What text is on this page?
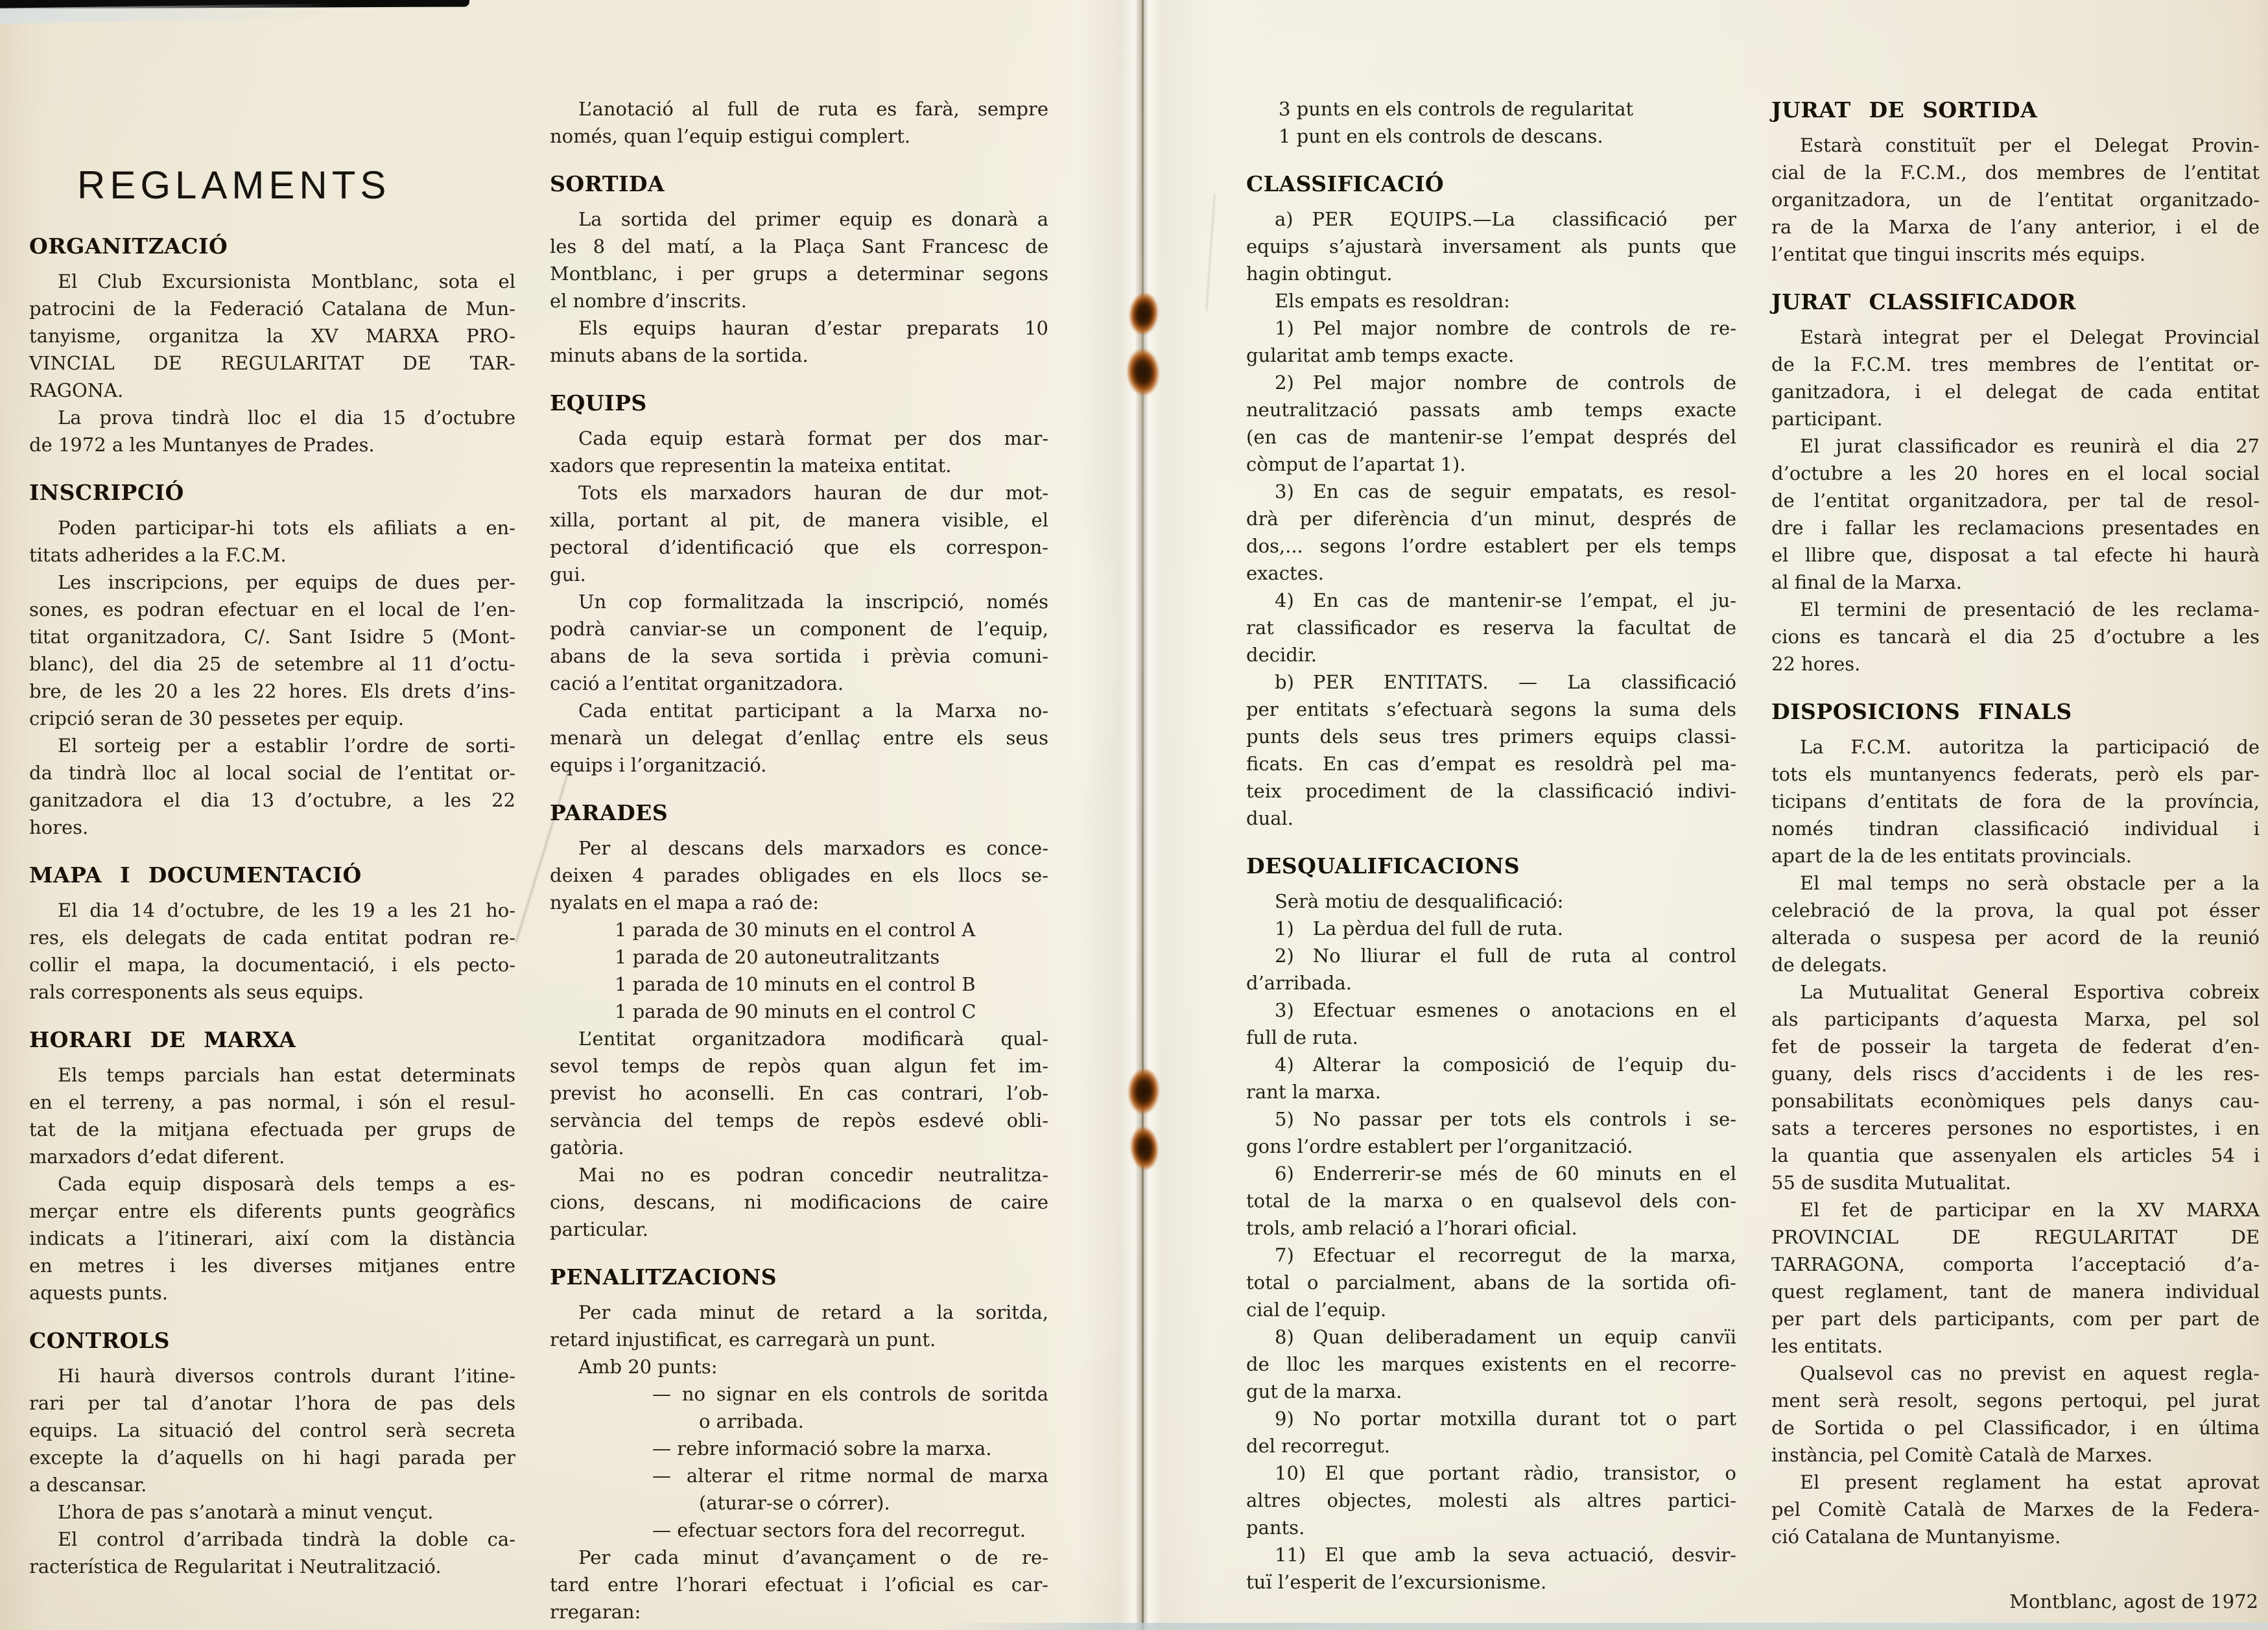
REGLAMENTS
ORGANITZACIÓ
El Club Excursionista Montblanc, sota el
patrocini de la Federació Catalana de Mun-
tanyisme, organitza la XV MARXA PRO-
VINCIAL DE REGULARITAT DE TAR-
RAGONA.
La prova tindrà lloc el dia 15 d’octubre
de 1972 a les Muntanyes de Prades.
INSCRIPCIÓ
Poden participar-hi tots els afiliats a en-
titats adherides a la F.C.M.
Les inscripcions, per equips de dues per-
sones, es podran efectuar en el local de l’en-
titat organitzadora, C/. Sant Isidre 5 (Mont-
blanc), del dia 25 de setembre al 11 d’octu-
bre, de les 20 a les 22 hores. Els drets d’ins-
cripció seran de 30 pessetes per equip.
El sorteig per a establir l’ordre de sorti-
da tindrà lloc al local social de l’entitat or-
ganitzadora el dia 13 d’octubre, a les 22
hores.
MAPA I DOCUMENTACIÓ
El dia 14 d’octubre, de les 19 a les 21 ho-
res, els delegats de cada entitat podran re-
collir el mapa, la documentació, i els pecto-
rals corresponents als seus equips.
HORARI DE MARXA
Els temps parcials han estat determinats
en el terreny, a pas normal, i són el resul-
tat de la mitjana efectuada per grups de
marxadors d’edat diferent.
Cada equip disposarà dels temps a es-
merçar entre els diferents punts geogràfics
indicats a l’itinerari, així com la distància
en metres i les diverses mitjanes entre
aquests punts.
CONTROLS
Hi haurà diversos controls durant l’itine-
rari per tal d’anotar l’hora de pas dels
equips. La situació del control serà secreta
excepte la d’aquells on hi hagi parada per
a descansar.
L’hora de pas s’anotarà a minut vençut.
El control d’arribada tindrà la doble ca-
racterística de Regularitat i Neutralització.
L’anotació al full de ruta es farà, sempre
només, quan l’equip estigui complert.
SORTIDA
La sortida del primer equip es donarà a
les 8 del matí, a la Plaça Sant Francesc de
Montblanc, i per grups a determinar segons
el nombre d’inscrits.
Els equips hauran d’estar preparats 10
minuts abans de la sortida.
EQUIPS
Cada equip estarà format per dos mar-
xadors que representin la mateixa entitat.
Tots els marxadors hauran de dur mot-
xilla, portant al pit, de manera visible, el
pectoral d’identificació que els correspon-
gui.
Un cop formalitzada la inscripció, només
podrà canviar-se un component de l’equip,
abans de la seva sortida i prèvia comuni-
cació a l’entitat organitzadora.
Cada entitat participant a la Marxa no-
menarà un delegat d’enllaç entre els seus
equips i l’organització.
PARADES
Per al descans dels marxadors es conce-
deixen 4 parades obligades en els llocs se-
nyalats en el mapa a raó de:
1 parada de 30 minuts en el control A
1 parada de 20 autoneutralitzants
1 parada de 10 minuts en el control B
1 parada de 90 minuts en el control C
L’entitat organitzadora modificarà qual-
sevol temps de repòs quan algun fet im-
previst ho aconselli. En cas contrari, l’ob-
servància del temps de repòs esdevé obli-
gatòria.
Mai no es podran concedir neutralitza-
cions, descans, ni modificacions de caire
particular.
PENALITZACIONS
Per cada minut de retard a la soritda,
retard injustificat, es carregarà un punt.
Amb 20 punts:
— no signar en els controls de soritda
o arribada.
— rebre informació sobre la marxa.
— alterar el ritme normal de marxa
(aturar-se o córrer).
— efectuar sectors fora del recorregut.
Per cada minut d’avançament o de re-
tard entre l’horari efectuat i l’oficial es car-
rregaran:
3 punts en els controls de regularitat
1 punt en els controls de descans.
CLASSIFICACIÓ
a)  PER EQUIPS.—La classificació per
equips s’ajustarà inversament als punts que
hagin obtingut.
Els empats es resoldran:
1)  Pel major nombre de controls de re-
gularitat amb temps exacte.
2)  Pel major nombre de controls de
neutralització passats amb temps exacte
(en cas de mantenir-se l’empat després del
còmput de l’apartat 1).
3)  En cas de seguir empatats, es resol-
drà per diferència d’un minut, després de
dos,... segons l’ordre establert per els temps
exactes.
4)  En cas de mantenir-se l’empat, el ju-
rat classificador es reserva la facultat de
decidir.
b)  PER ENTITATS. — La classificació
per entitats s’efectuarà segons la suma dels
punts dels seus tres primers equips classi-
ficats. En cas d’empat es resoldrà pel ma-
teix procediment de la classificació indivi-
dual.
DESQUALIFICACIONS
Serà motiu de desqualificació:
1)  La pèrdua del full de ruta.
2)  No lliurar el full de ruta al control
d’arribada.
3)  Efectuar esmenes o anotacions en el
full de ruta.
4)  Alterar la composició de l’equip du-
rant la marxa.
5)  No passar per tots els controls i se-
gons l’ordre establert per l’organització.
6)  Enderrerir-se més de 60 minuts en el
total de la marxa o en qualsevol dels con-
trols, amb relació a l’horari oficial.
7)  Efectuar el recorregut de la marxa,
total o parcialment, abans de la sortida ofi-
cial de l’equip.
8)  Quan deliberadament un equip canvïi
de lloc les marques existents en el recorre-
gut de la marxa.
9)  No portar motxilla durant tot o part
del recorregut.
10)  El que portant ràdio, transistor, o
altres objectes, molesti als altres partici-
pants.
11)  El que amb la seva actuació, desvir-
tuï l’esperit de l’excursionisme.
JURAT DE SORTIDA
Estarà constituït per el Delegat Provin-
cial de la F.C.M., dos membres de l’entitat
organitzadora, un de l’entitat organitzado-
ra de la Marxa de l’any anterior, i el de
l’entitat que tingui inscrits més equips.
JURAT CLASSIFICADOR
Estarà integrat per el Delegat Provincial
de la F.C.M. tres membres de l’entitat or-
ganitzadora, i el delegat de cada entitat
participant.
El jurat classificador es reunirà el dia 27
d’octubre a les 20 hores en el local social
de l’entitat organitzadora, per tal de resol-
dre i fallar les reclamacions presentades en
el llibre que, disposat a tal efecte hi haurà
al final de la Marxa.
El termini de presentació de les reclama-
cions es tancarà el dia 25 d’octubre a les
22 hores.
DISPOSICIONS FINALS
La F.C.M. autoritza la participació de
tots els muntanyencs federats, però els par-
ticipans d’entitats de fora de la província,
només tindran classificació individual i
apart de la de les entitats provincials.
El mal temps no serà obstacle per a la
celebració de la prova, la qual pot ésser
alterada o suspesa per acord de la reunió
de delegats.
La Mutualitat General Esportiva cobreix
als participants d’aquesta Marxa, pel sol
fet de posseir la targeta de federat d’en-
guany, dels riscs d’accidents i de les res-
ponsabilitats econòmiques pels danys cau-
sats a terceres persones no esportistes, i en
la quantia que assenyalen els articles 54 i
55 de susdita Mutualitat.
El fet de participar en la XV MARXA
PROVINCIAL DE REGULARITAT DE
TARRAGONA, comporta l’acceptació d’a-
quest reglament, tant de manera individual
per part dels participants, com per part de
les entitats.
Qualsevol cas no previst en aquest regla-
ment serà resolt, segons pertoqui, pel jurat
de Sortida o pel Classificador, i en última
instància, pel Comitè Català de Marxes.
El present reglament ha estat aprovat
pel Comitè Català de Marxes de la Federa-
ció Catalana de Muntanyisme.
Montblanc, agost de 1972
